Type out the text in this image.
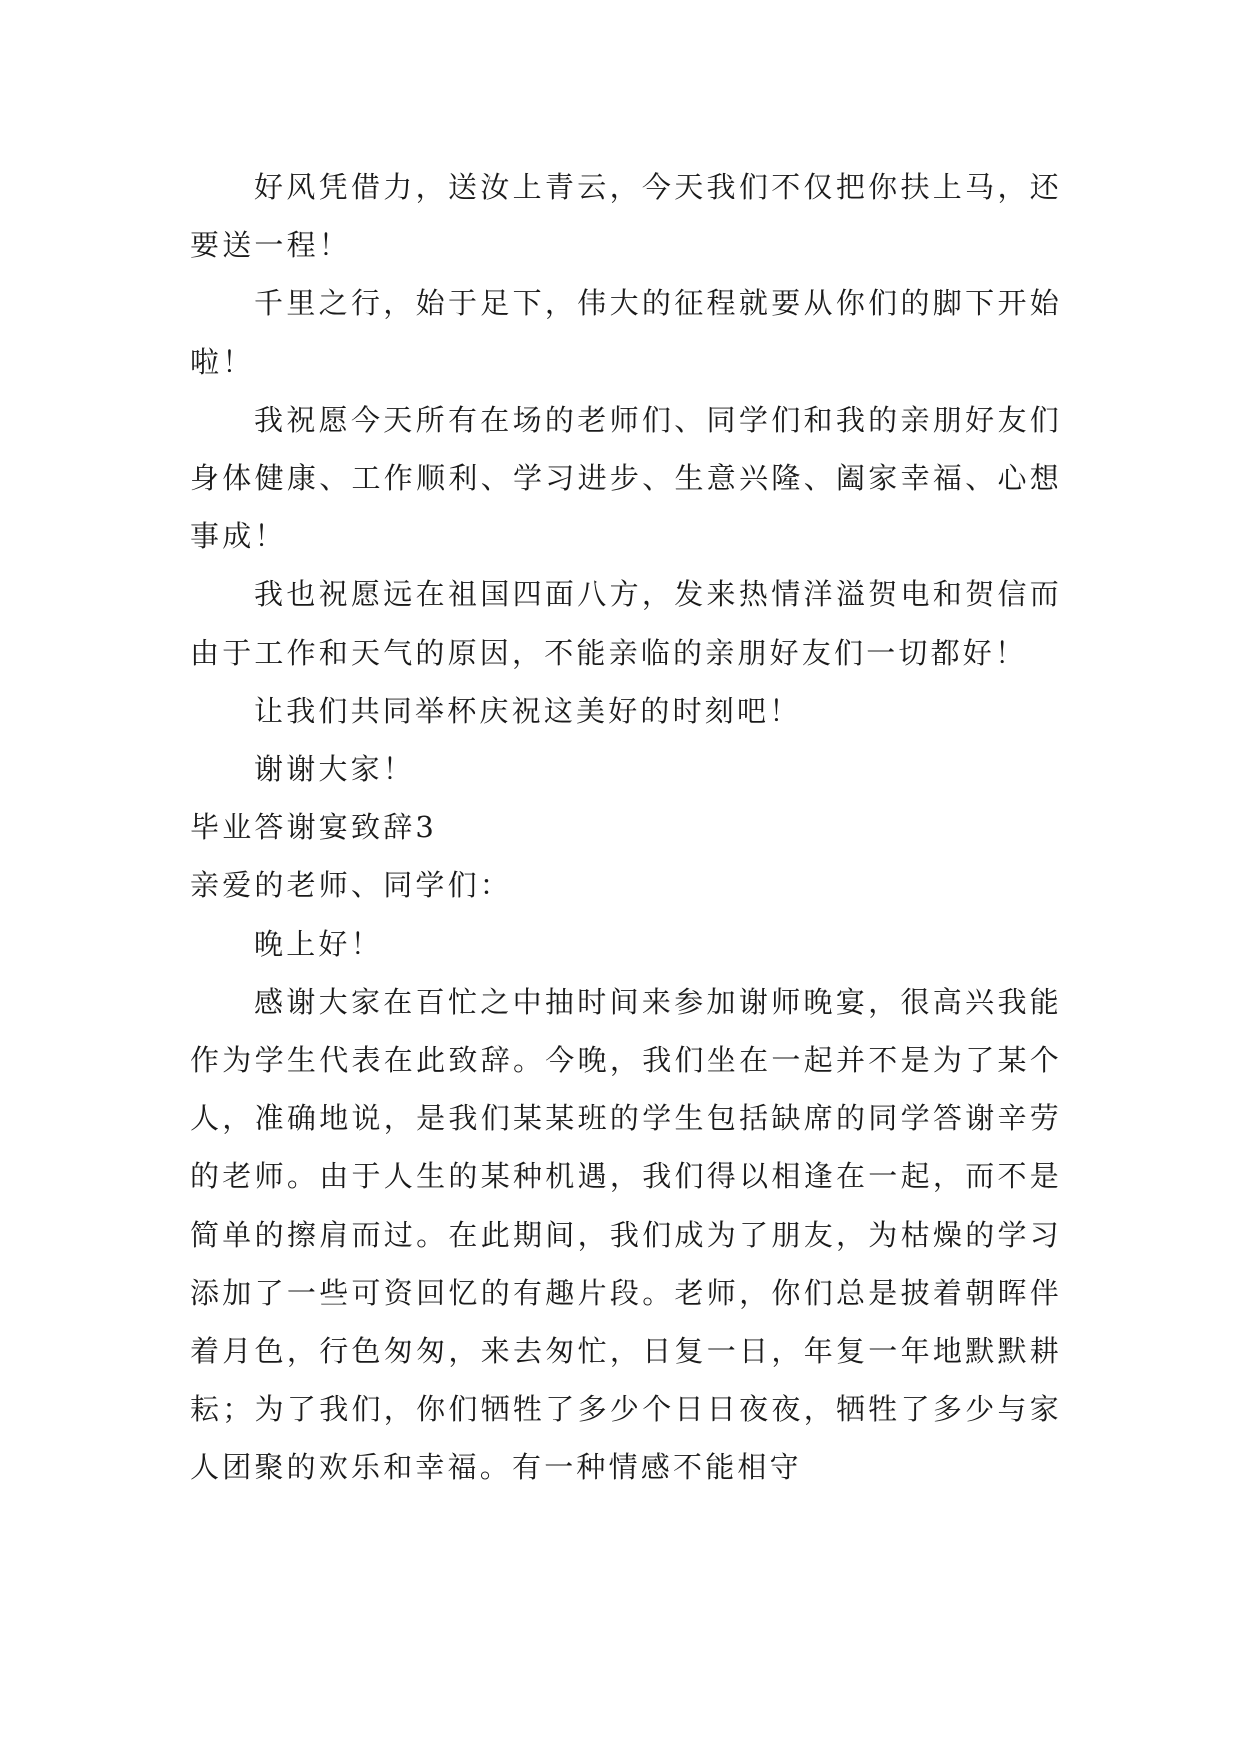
好风凭借力，送汝上青云，今天我们不仅把你扶上马，还要送一程！

千里之行，始于足下，伟大的征程就要从你们的脚下开始啦！

我祝愿今天所有在场的老师们、同学们和我的亲朋好友们身体健康、工作顺利、学习进步、生意兴隆、阖家幸福、心想事成！

我也祝愿远在祖国四面八方，发来热情洋溢贺电和贺信而由于工作和天气的原因，不能亲临的亲朋好友们一切都好！

让我们共同举杯庆祝这美好的时刻吧！

谢谢大家！

毕业答谢宴致辞3

亲爱的老师、同学们：

晚上好！

感谢大家在百忙之中抽时间来参加谢师晚宴，很高兴我能作为学生代表在此致辞。今晚，我们坐在一起并不是为了某个人，准确地说，是我们某某班的学生包括缺席的同学答谢辛劳的老师。由于人生的某种机遇，我们得以相逢在一起，而不是简单的擦肩而过。在此期间，我们成为了朋友，为枯燥的学习添加了一些可资回忆的有趣片段。老师，你们总是披着朝晖伴着月色，行色匆匆，来去匆忙，日复一日，年复一年地默默耕耘；为了我们，你们牺牲了多少个日日夜夜，牺牲了多少与家人团聚的欢乐和幸福。有一种情感不能相守
